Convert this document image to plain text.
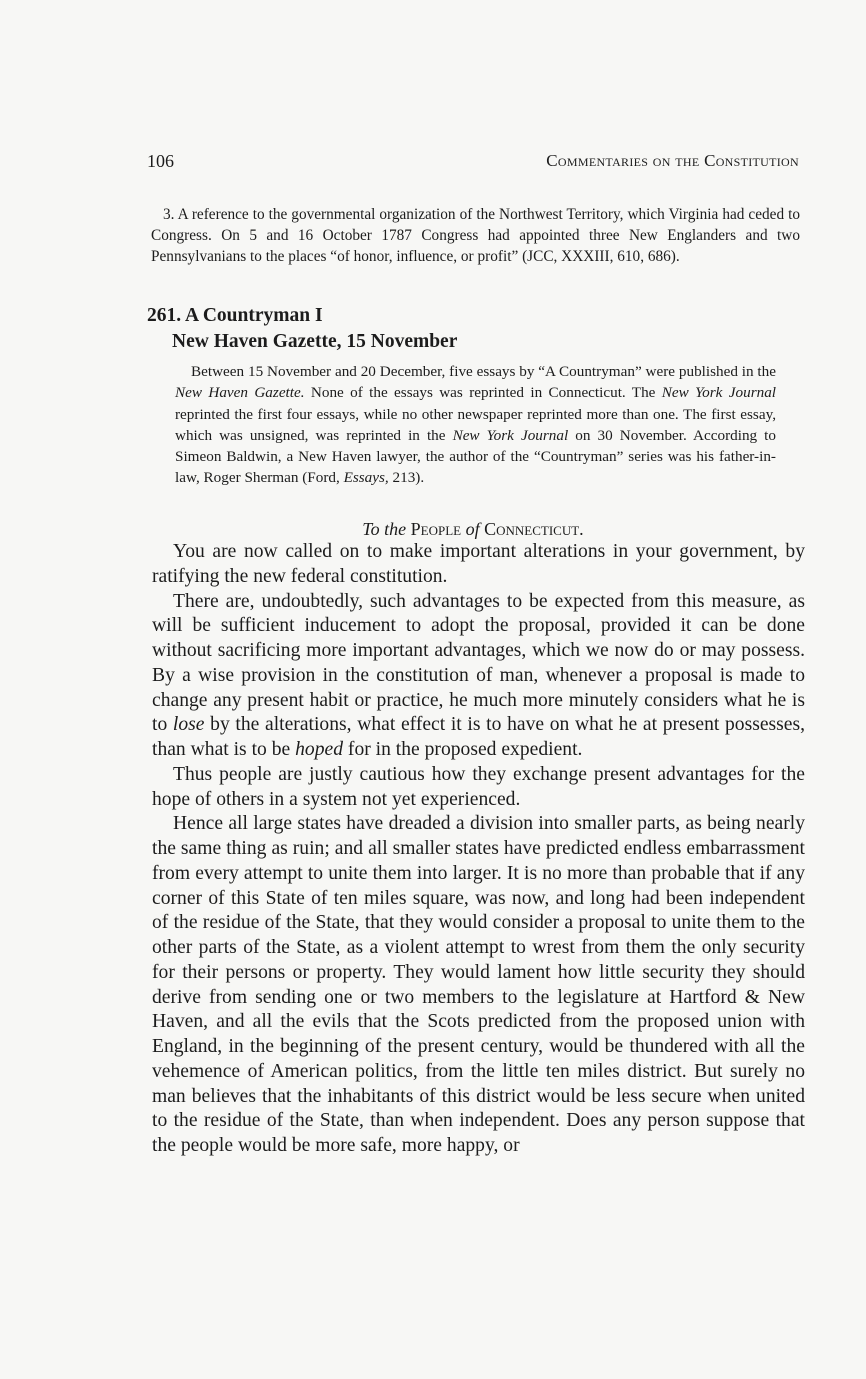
106	Commentaries on the Constitution

3. A reference to the governmental organization of the Northwest Territory, which Virginia had ceded to Congress. On 5 and 16 October 1787 Congress had appointed three New Englanders and two Pennsylvanians to the places “of honor, influence, or profit” (JCC, XXXIII, 610, 686).

261. A Countryman I
New Haven Gazette, 15 November

Between 15 November and 20 December, five essays by “A Countryman” were published in the New Haven Gazette. None of the essays was reprinted in Connecticut. The New York Journal reprinted the first four essays, while no other newspaper reprinted more than one. The first essay, which was unsigned, was reprinted in the New York Journal on 30 November. According to Simeon Baldwin, a New Haven lawyer, the author of the “Countryman” series was his father-in-law, Roger Sherman (Ford, Essays, 213).

To the People of Connecticut.

You are now called on to make important alterations in your government, by ratifying the new federal constitution.

There are, undoubtedly, such advantages to be expected from this measure, as will be sufficient inducement to adopt the proposal, provided it can be done without sacrificing more important advantages, which we now do or may possess. By a wise provision in the constitution of man, whenever a proposal is made to change any present habit or practice, he much more minutely considers what he is to lose by the alterations, what effect it is to have on what he at present possesses, than what is to be hoped for in the proposed expedient.

Thus people are justly cautious how they exchange present advantages for the hope of others in a system not yet experienced.

Hence all large states have dreaded a division into smaller parts, as being nearly the same thing as ruin; and all smaller states have predicted endless embarrassment from every attempt to unite them into larger. It is no more than probable that if any corner of this State of ten miles square, was now, and long had been independent of the residue of the State, that they would consider a proposal to unite them to the other parts of the State, as a violent attempt to wrest from them the only security for their persons or property. They would lament how little security they should derive from sending one or two members to the legislature at Hartford & New Haven, and all the evils that the Scots predicted from the proposed union with England, in the beginning of the present century, would be thundered with all the vehemence of American politics, from the little ten miles district. But surely no man believes that the inhabitants of this district would be less secure when united to the residue of the State, than when independent. Does any person suppose that the people would be more safe, more happy, or
